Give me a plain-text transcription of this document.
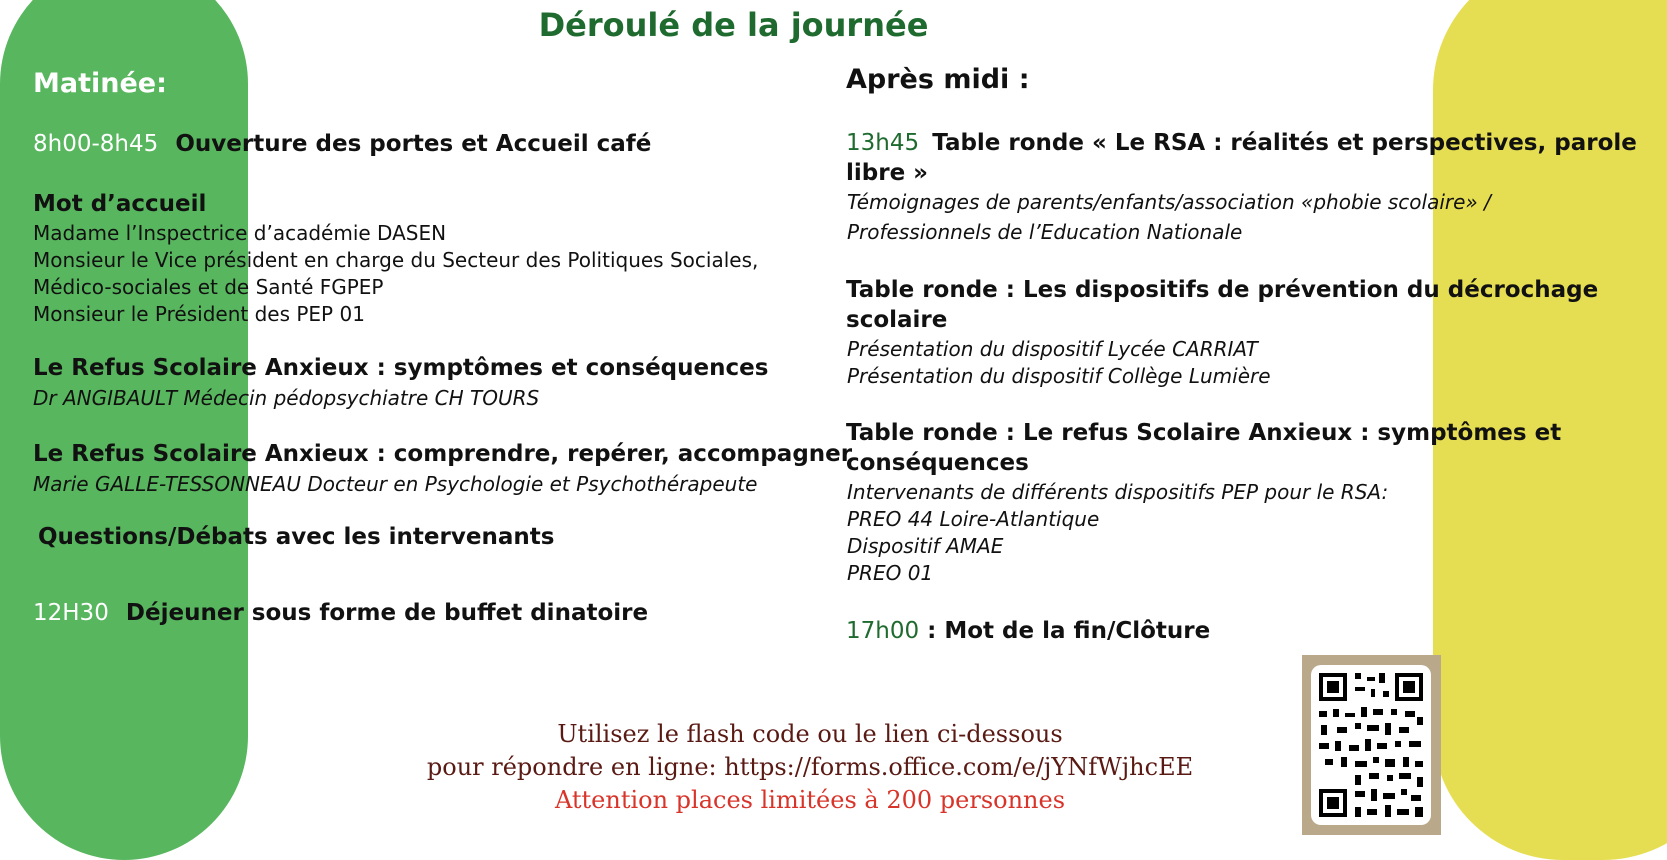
Déroulé de la journée
Matinée:
8h00-8h45 Ouverture des portes et Accueil café
Mot d’accueil
Madame l’Inspectrice d’académie DASEN
Monsieur le Vice président en charge du Secteur des Politiques Sociales,
Médico-sociales et de Santé FGPEP
Monsieur le Président des PEP 01
Le Refus Scolaire Anxieux : symptômes et conséquences
Dr ANGIBAULT Médecin pédopsychiatre CH TOURS
Le Refus Scolaire Anxieux : comprendre, repérer, accompagner
Marie GALLE-TESSONNEAU Docteur en Psychologie et Psychothérapeute
Questions/Débats avec les intervenants
12H30 Déjeuner sous forme de buffet dinatoire
Après midi :
13h45 Table ronde « Le RSA : réalités et perspectives, parole
libre »
Témoignages de parents/enfants/association «phobie scolaire» /
Professionnels de l’Education Nationale
Table ronde : Les dispositifs de prévention du décrochage
scolaire
Présentation du dispositif Lycée CARRIAT
Présentation du dispositif Collège Lumière
Table ronde : Le refus Scolaire Anxieux : symptômes et
conséquences
Intervenants de différents dispositifs PEP pour le RSA:
PREO 44 Loire-Atlantique
Dispositif AMAE
PREO 01
17h00 : Mot de la fin/Clôture
Utilisez le flash code ou le lien ci-dessous
pour répondre en ligne: https://forms.office.com/e/jYNfWjhcEE
Attention places limitées à 200 personnes
